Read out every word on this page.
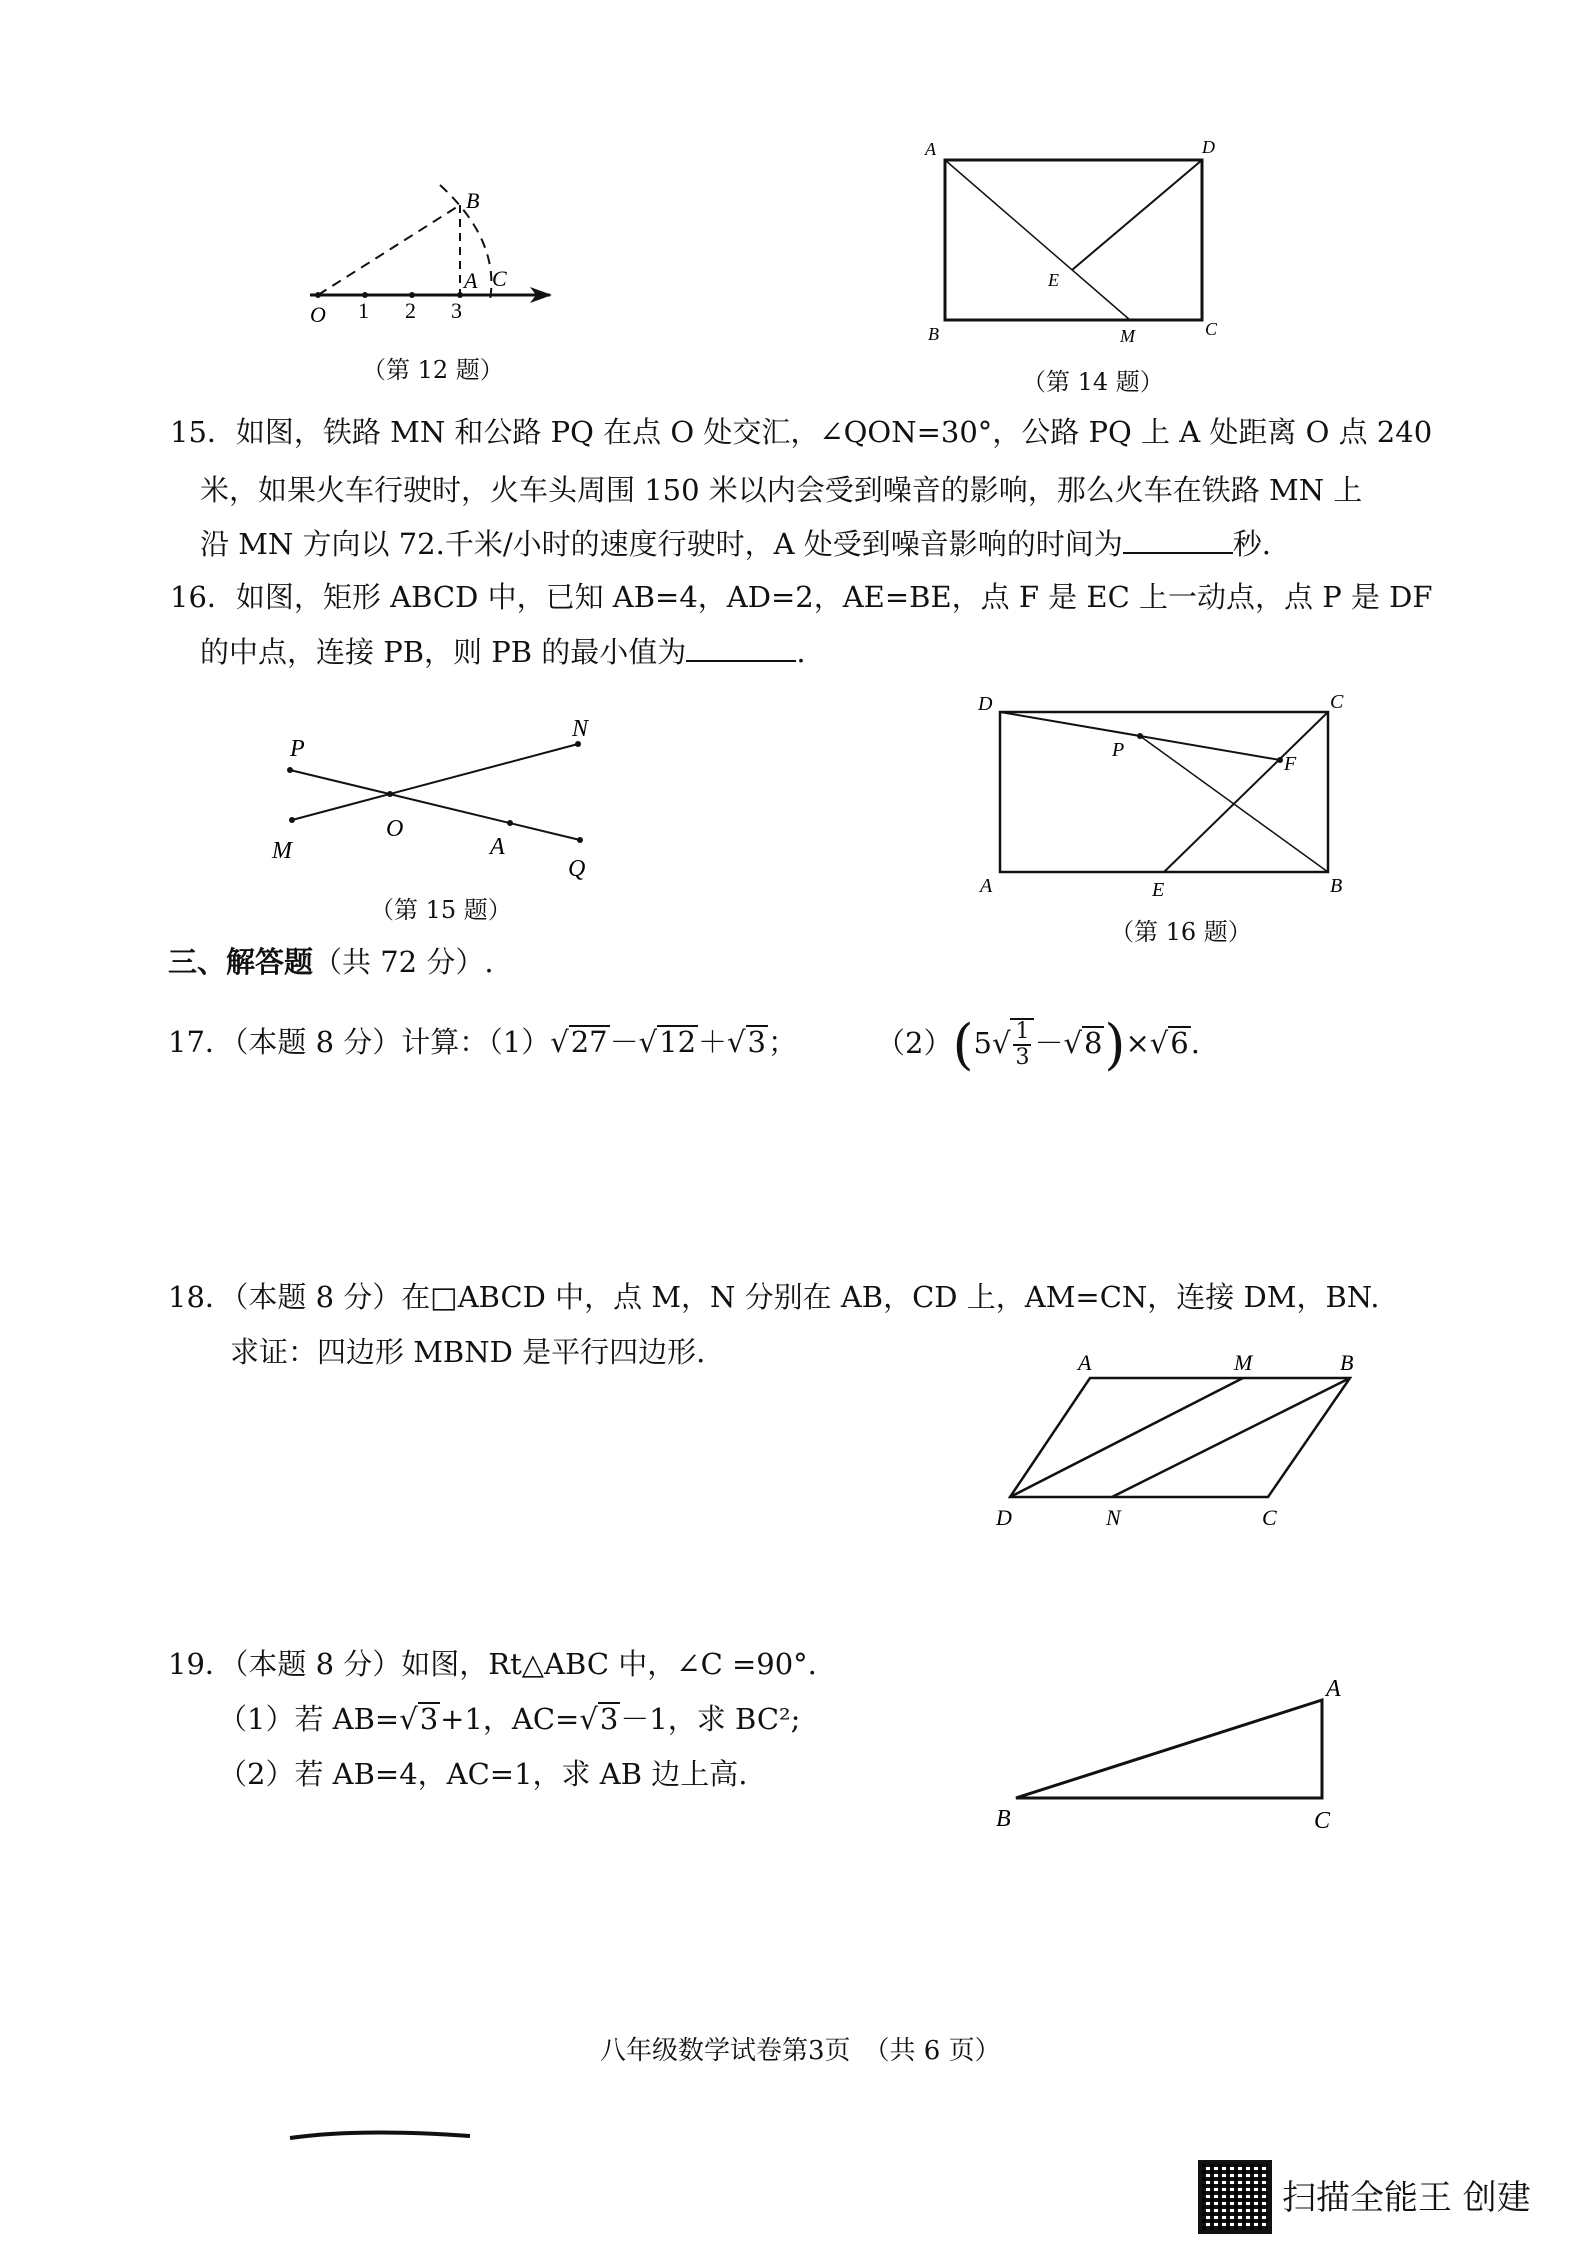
O 1 2 3
A C
B
（第 12 题）
A	D
E
B	M	C
（第 14 题）
15．如图，铁路 MN 和公路 PQ 在点 O 处交汇，∠QON=30°，公路 PQ 上 A 处距离 O 点 240
米，如果火车行驶时，火车头周围 150 米以内会受到噪音的影响，那么火车在铁路 MN 上
沿 MN 方向以 72.千米/小时的速度行驶时，A 处受到噪音影响的时间为	秒.
16．如图，矩形 ABCD 中，已知 AB=4，AD=2，AE=BE，点 F 是 EC 上一动点，点 P 是 DF
的中点，连接 PB，则 PB 的最小值为	.
P
N
M
O
A
Q
（第 15 题）
D	C
P
F
A	E	B
（第 16 题）
三、解答题（共 72 分）.
17．（本题 8 分）计算：（1）√27－√12＋√3；	$(2)(5√ \frac{1}{3} -√8)\times√6$.
18．（本题 8 分）在□ABCD 中，点 M，N 分别在 AB，CD 上，AM=CN，连接 DM，BN.
求证：四边形 MBND 是平行四边形.	A	M	B
D	N	C
19．（本题 8 分）如图，Rt△ABC 中，∠C =90°.
（1）若 AB=√3+1，AC=√3－1，求 BC²;
（2）若 AB=4，AC=1，求 AB 边上高.
A
B	C
八年级数学试卷第3页　（共 6 页）
扫描全能王 创建
